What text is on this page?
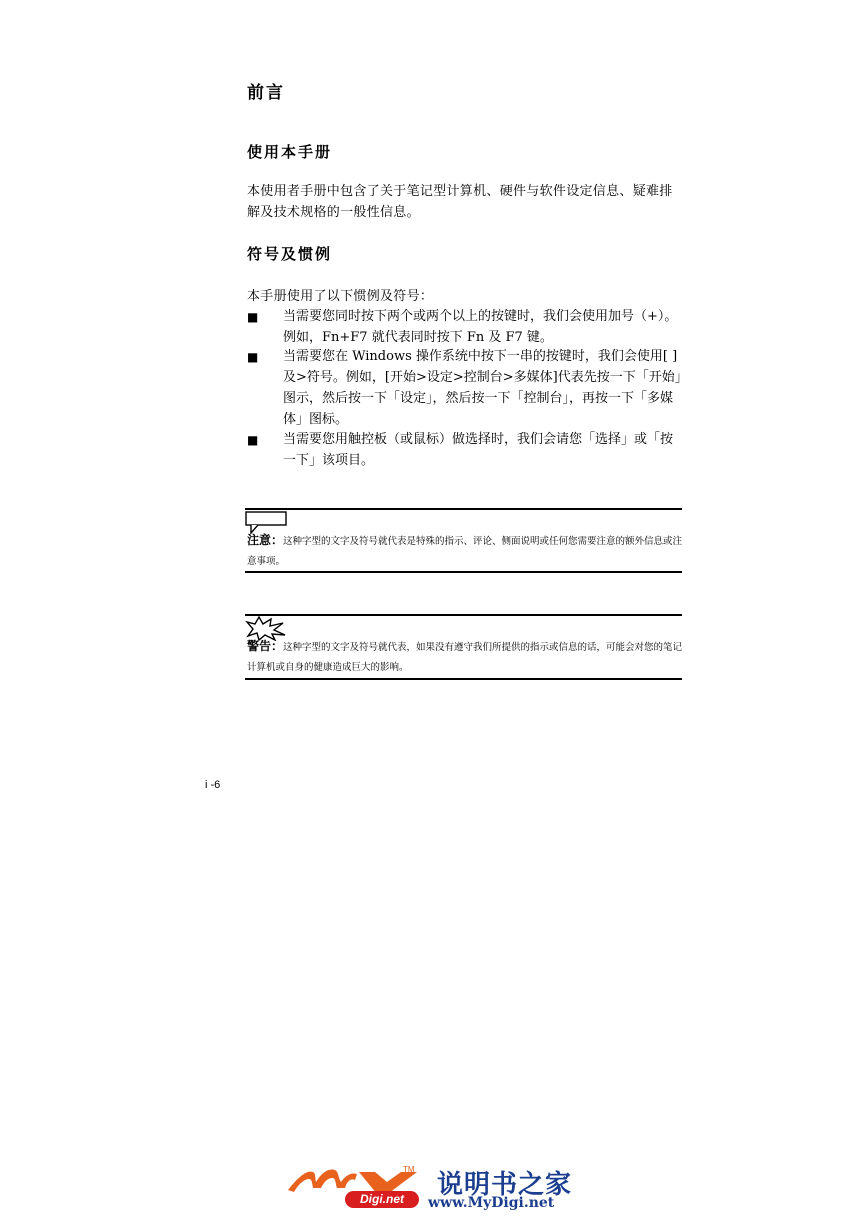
前言
使用本手册
本使用者手册中包含了关于笔记型计算机、硬件与软件设定信息、疑难排解及技术规格的一般性信息。
符号及惯例
本手册使用了以下惯例及符号：
■ 当需要您同时按下两个或两个以上的按键时，我们会使用加号（+）。例如，Fn+F7 就代表同时按下 Fn 及 F7 键。
■ 当需要您在 Windows 操作系统中按下一串的按键时，我们会使用[ ]及>符号。例如，[开始>设定>控制台>多媒体]代表先按一下「开始」图示，然后按一下「设定」，然后按一下「控制台」，再按一下「多媒体」图标。
■ 当需要您用触控板（或鼠标）做选择时，我们会请您「选择」或「按一下」该项目。
注意：这种字型的文字及符号就代表是特殊的指示、评论、侧面说明或任何您需要注意的额外信息或注意事项。
警告：这种字型的文字及符号就代表，如果没有遵守我们所提供的指示或信息的话，可能会对您的笔记计算机或自身的健康造成巨大的影响。
i -6
TM
Digi.net	说明书之家
www.MyDigi.net
